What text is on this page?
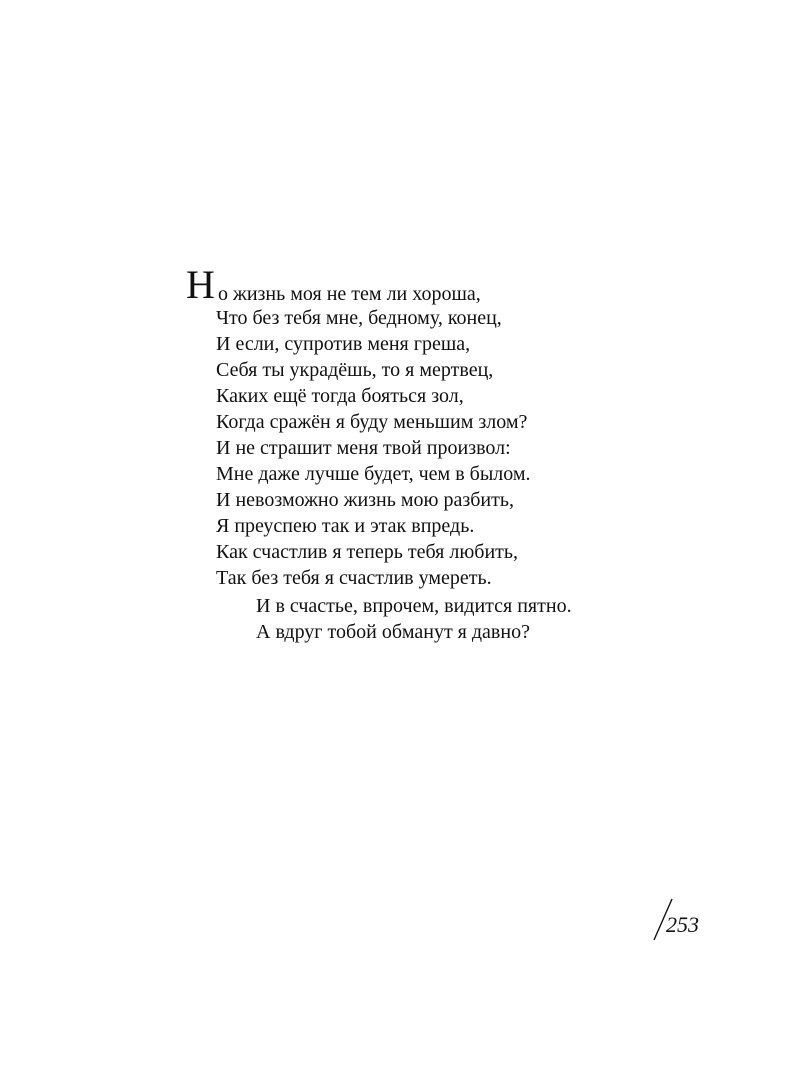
Н о жизнь моя не тем ли хороша,
Что без тебя мне, бедному, конец,
И если, супротив меня греша,
Себя ты украдёшь, то я мертвец,
Каких ещё тогда бояться зол,
Когда сражён я буду меньшим злом?
И не страшит меня твой произвол:
Мне даже лучше будет, чем в былом.
И невозможно жизнь мою разбить,
Я преуспею так и этак впредь.
Как счастлив я теперь тебя любить,
Так без тебя я счастлив умереть.
И в счастье, впрочем, видится пятно.
А вдруг тобой обманут я давно?
253
